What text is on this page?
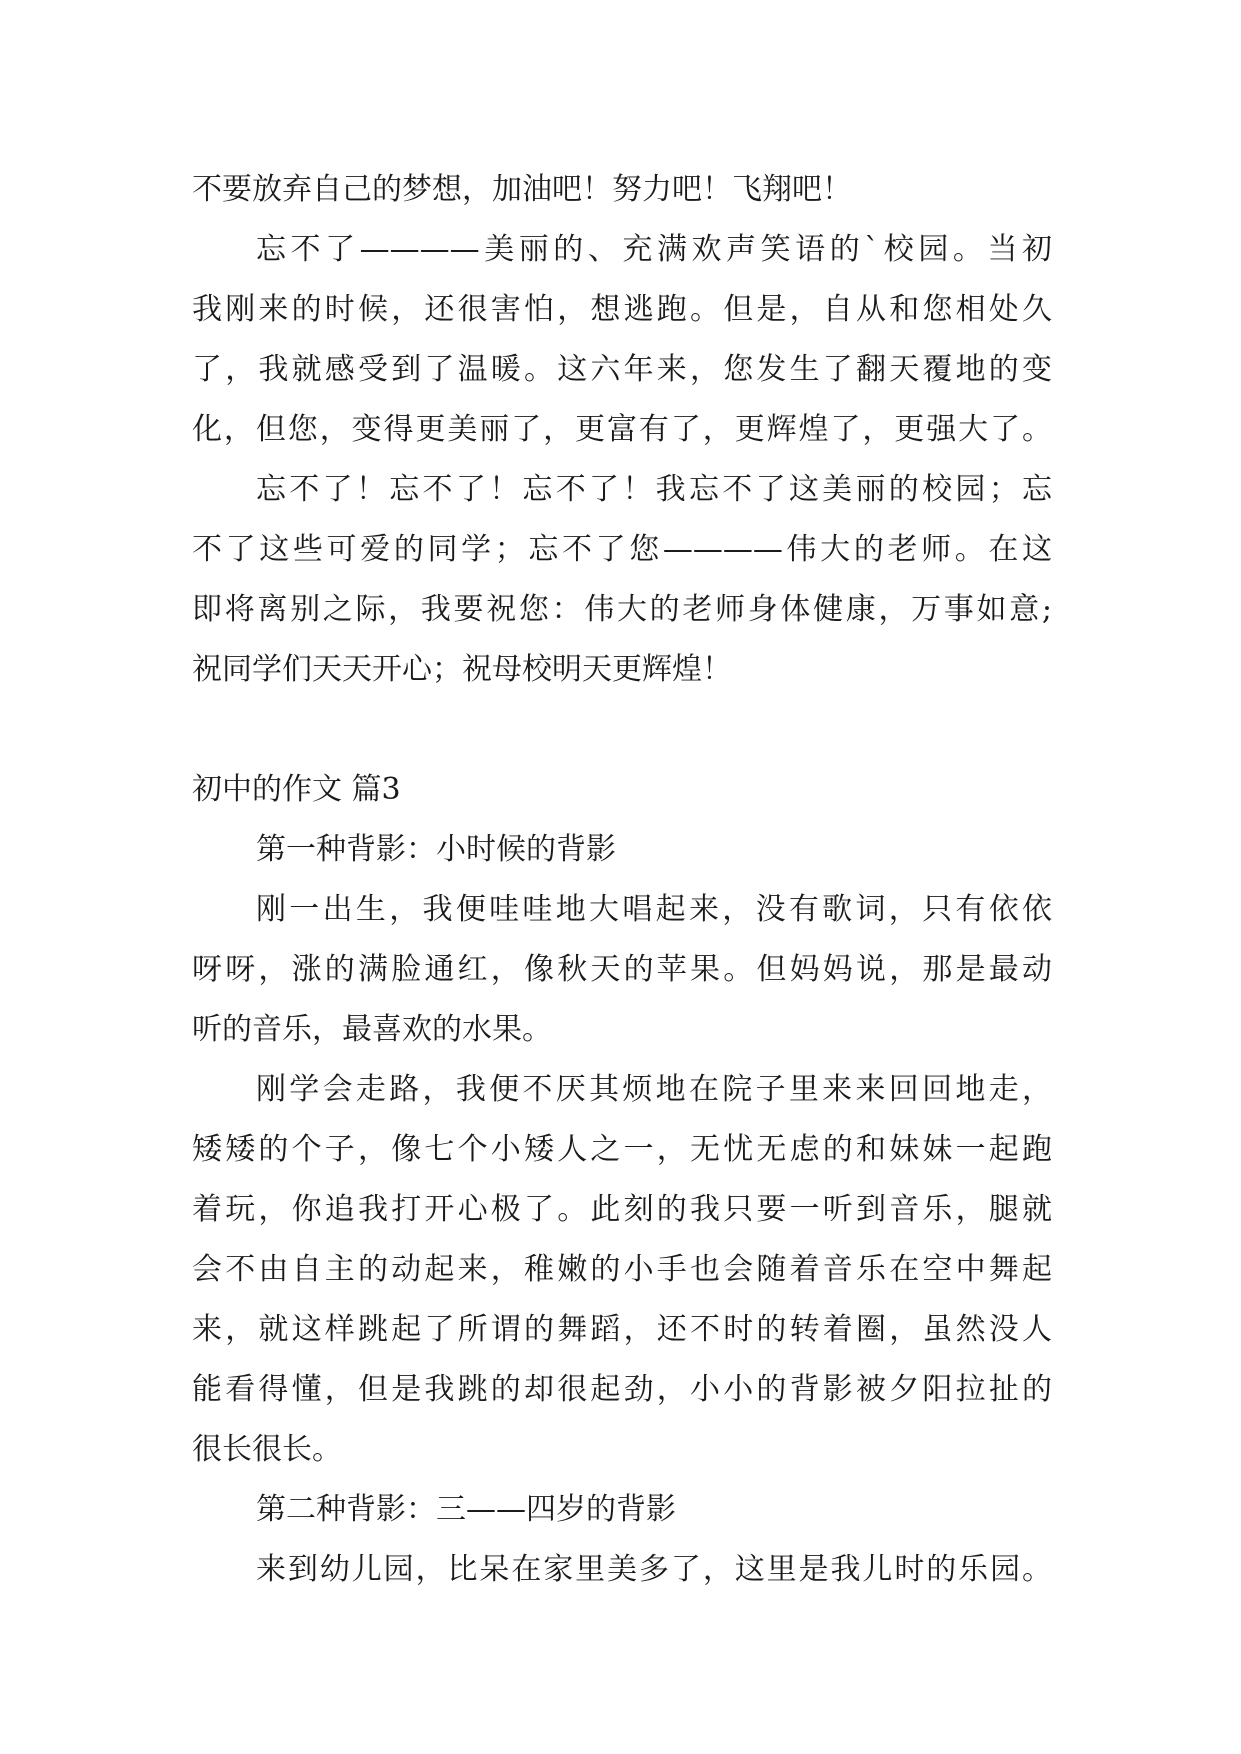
不要放弃自己的梦想，加油吧！努力吧！飞翔吧！
忘不了————美丽的、充满欢声笑语的`校园。当初
我刚来的时候，还很害怕，想逃跑。但是，自从和您相处久
了，我就感受到了温暖。这六年来，您发生了翻天覆地的变
化，但您，变得更美丽了，更富有了，更辉煌了，更强大了。
忘不了！忘不了！忘不了！我忘不了这美丽的校园；忘
不了这些可爱的同学；忘不了您————伟大的老师。在这
即将离别之际，我要祝您：伟大的老师身体健康，万事如意;
祝同学们天天开心；祝母校明天更辉煌！
初中的作文 篇3
第一种背影：小时候的背影
刚一出生，我便哇哇地大唱起来，没有歌词，只有依依
呀呀，涨的满脸通红，像秋天的苹果。但妈妈说，那是最动
听的音乐，最喜欢的水果。
刚学会走路，我便不厌其烦地在院子里来来回回地走，
矮矮的个子，像七个小矮人之一，无忧无虑的和妹妹一起跑
着玩，你追我打开心极了。此刻的我只要一听到音乐，腿就
会不由自主的动起来，稚嫩的小手也会随着音乐在空中舞起
来，就这样跳起了所谓的舞蹈，还不时的转着圈，虽然没人
能看得懂，但是我跳的却很起劲，小小的背影被夕阳拉扯的
很长很长。
第二种背影：三——四岁的背影
来到幼儿园，比呆在家里美多了，这里是我儿时的乐园。
